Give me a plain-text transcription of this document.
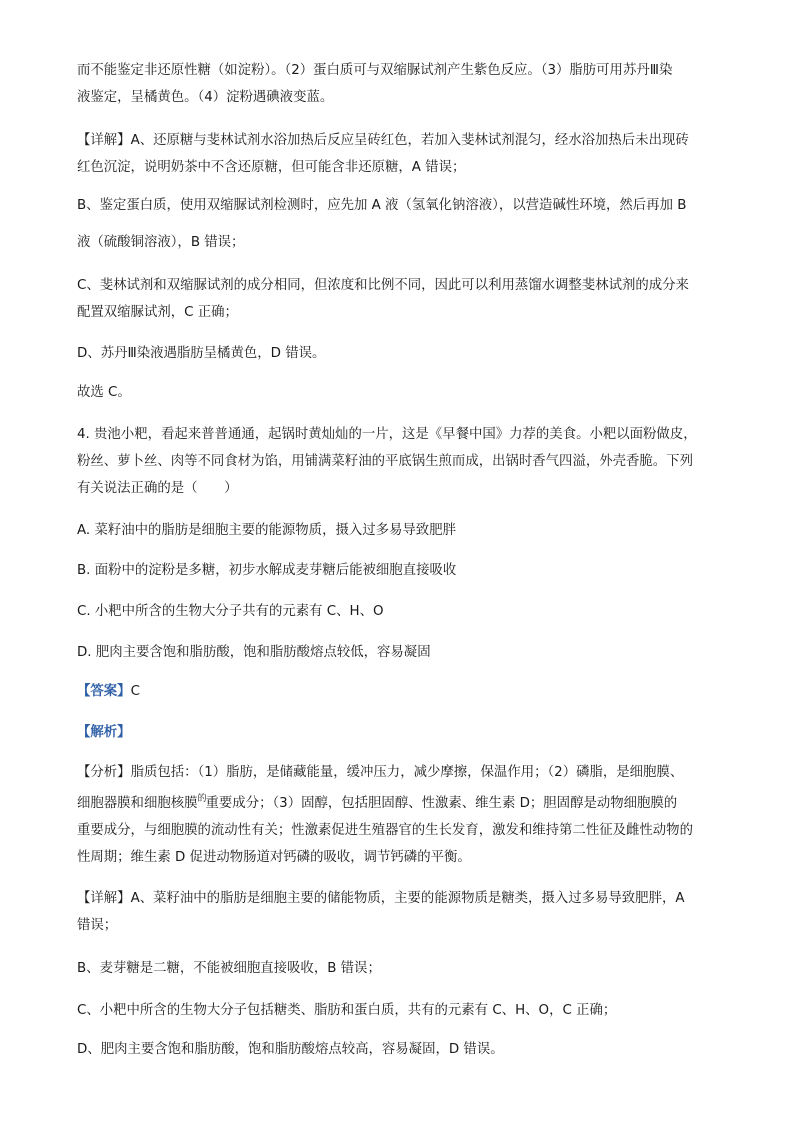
而不能鉴定非还原性糖（如淀粉）。（2）蛋白质可与双缩脲试剂产生紫色反应。（3）脂肪可用苏丹Ⅲ染
液鉴定，呈橘黄色。（4）淀粉遇碘液变蓝。

【详解】A、还原糖与斐林试剂水浴加热后反应呈砖红色，若加入斐林试剂混匀，经水浴加热后未出现砖
红色沉淀，说明奶茶中不含还原糖，但可能含非还原糖，A 错误；

B、鉴定蛋白质，使用双缩脲试剂检测时，应先加 A 液（氢氧化钠溶液），以营造碱性环境，然后再加 B

液（硫酸铜溶液），B 错误；

C、斐林试剂和双缩脲试剂的成分相同，但浓度和比例不同，因此可以利用蒸馏水调整斐林试剂的成分来
配置双缩脲试剂，C 正确；

D、苏丹Ⅲ染液遇脂肪呈橘黄色，D 错误。

故选 C。

4. 贵池小粑，看起来普普通通，起锅时黄灿灿的一片，这是《早餐中国》力荐的美食。小粑以面粉做皮，
粉丝、萝卜丝、肉等不同食材为馅，用铺满菜籽油的平底锅生煎而成，出锅时香气四溢，外壳香脆。下列
有关说法正确的是（　　）

A. 菜籽油中的脂肪是细胞主要的能源物质，摄入过多易导致肥胖

B. 面粉中的淀粉是多糖，初步水解成麦芽糖后能被细胞直接吸收

C. 小粑中所含的生物大分子共有的元素有 C、H、O

D. 肥肉主要含饱和脂肪酸，饱和脂肪酸熔点较低，容易凝固

【答案】C

【解析】

【分析】脂质包括：（1）脂肪，是储藏能量，缓冲压力，减少摩擦，保温作用；（2）磷脂，是细胞膜、
细胞器膜和细胞核膜$^的$重要成分；（3）固醇，包括胆固醇、性激素、维生素 D；胆固醇是动物细胞膜的
重要成分，与细胞膜的流动性有关；性激素促进生殖器官的生长发育，激发和维持第二性征及雌性动物的
性周期；维生素 D 促进动物肠道对钙磷的吸收，调节钙磷的平衡。

【详解】A、菜籽油中的脂肪是细胞主要的储能物质，主要的能源物质是糖类，摄入过多易导致肥胖，A
错误；

B、麦芽糖是二糖，不能被细胞直接吸收，B 错误；

C、小粑中所含的生物大分子包括糖类、脂肪和蛋白质，共有的元素有 C、H、O，C 正确；

D、肥肉主要含饱和脂肪酸，饱和脂肪酸熔点较高，容易凝固，D 错误。
